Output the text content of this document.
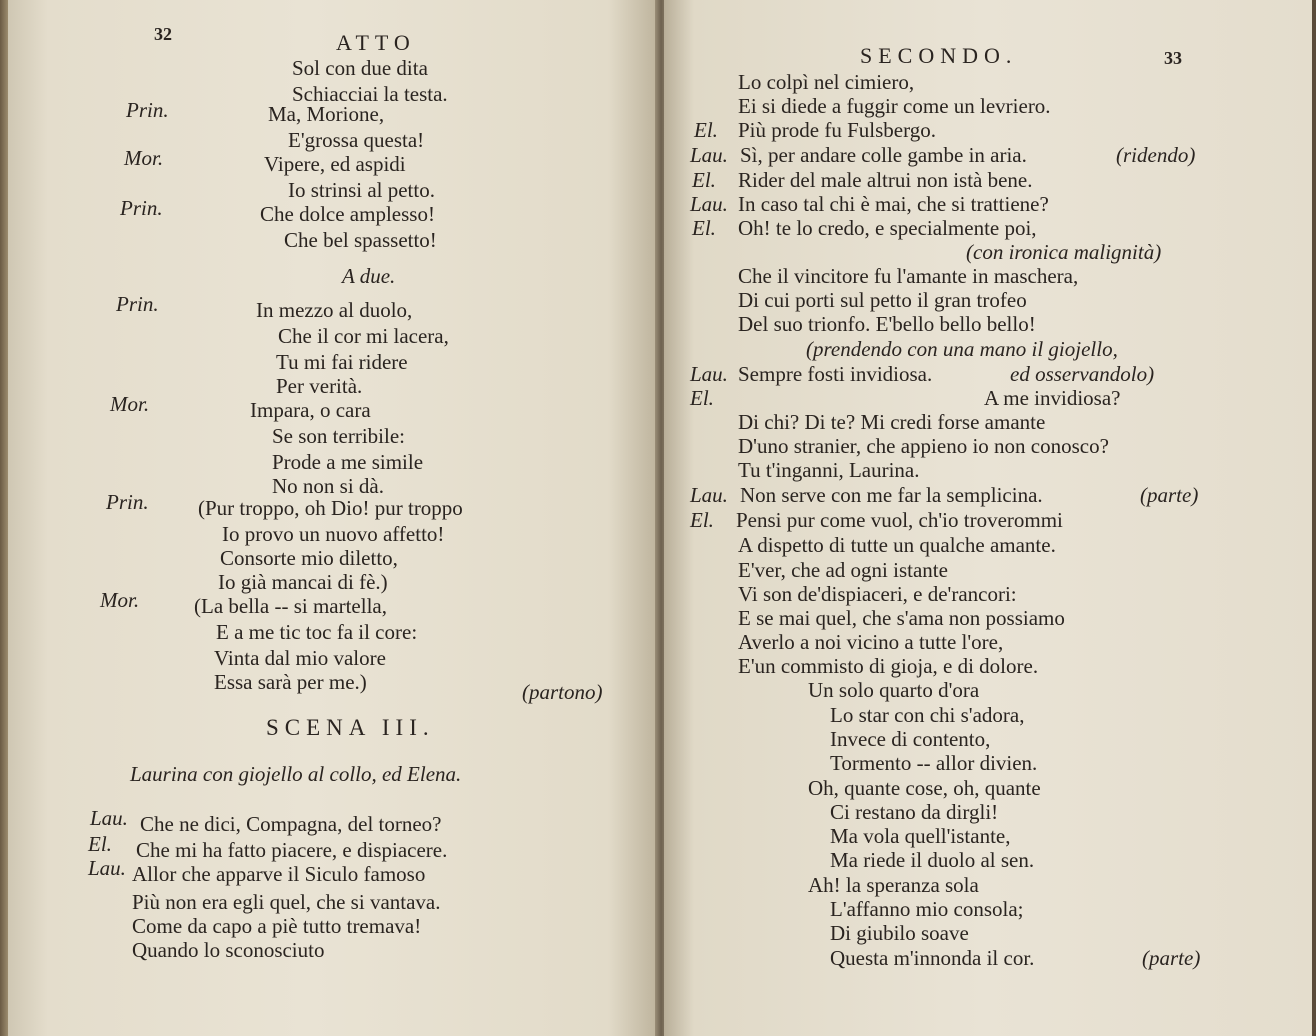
32	ATTO
Sol con due dita
Schiacciai la testa.
Prin.	Ma, Morione,
E'grossa questa!
Mor.	Vipere, ed aspidi
Io strinsi al petto.
Prin.	Che dolce amplesso!
Che bel spassetto!
A due.
Prin.	In mezzo al duolo,
Che il cor mi lacera,
Tu mi fai ridere
Per verità.
Mor.	Impara, o cara
Se son terribile:
Prode a me simile
No non si dà.
Prin. (Pur troppo, oh Dio! pur troppo
Io provo un nuovo affetto!
Consorte mio diletto,
Io già mancai di fè.)
Mor.	(La bella -- si martella,
E a me tic toc fa il core:
Vinta dal mio valore
Essa sarà per me.)	(partono)
SCENA III.
Laurina con giojello al collo, ed Elena.
Lau. Che ne dici, Compagna, del torneo?
El. Che mi ha fatto piacere, e dispiacere.
Lau. Allor che apparve il Siculo famoso
Più non era egli quel, che si vantava.
Come da capo a piè tutto tremava!
Quando lo sconosciuto
SECONDO.	33
Lo colpì nel cimiero,
Ei si diede a fuggir come un levriero.
El. Più prode fu Fulsbergo.
Lau. Sì, per andare colle gambe in aria.	(ridendo)
El. Rider del male altrui non istà bene.
Lau. In caso tal chi è mai, che si trattiene?
El. Oh! te lo credo, e specialmente poi,
(con ironica malignità)
Che il vincitore fu l'amante in maschera,
Di cui porti sul petto il gran trofeo
Del suo trionfo. E'bello bello bello!
(prendendo con una mano il giojello,
Lau. Sempre fosti invidiosa.	ed osservandolo)
El.	A me invidiosa?
Di chi? Di te? Mi credi forse amante
D'uno stranier, che appieno io non conosco?
Tu t'inganni, Laurina.
Lau. Non serve con me far la semplicina.	(parte)
El. Pensi pur come vuol, ch'io troverommi
A dispetto di tutte un qualche amante.
E'ver, che ad ogni istante
Vi son de'dispiaceri, e de'rancori:
E se mai quel, che s'ama non possiamo
Averlo a noi vicino a tutte l'ore,
E'un commisto di gioja, e di dolore.
Un solo quarto d'ora
Lo star con chi s'adora,
Invece di contento,
Tormento -- allor divien.
Oh, quante cose, oh, quante
Ci restano da dirgli!
Ma vola quell'istante,
Ma riede il duolo al sen.
Ah! la speranza sola
L'affanno mio consola;
Di giubilo soave
Questa m'innonda il cor.	(parte)
